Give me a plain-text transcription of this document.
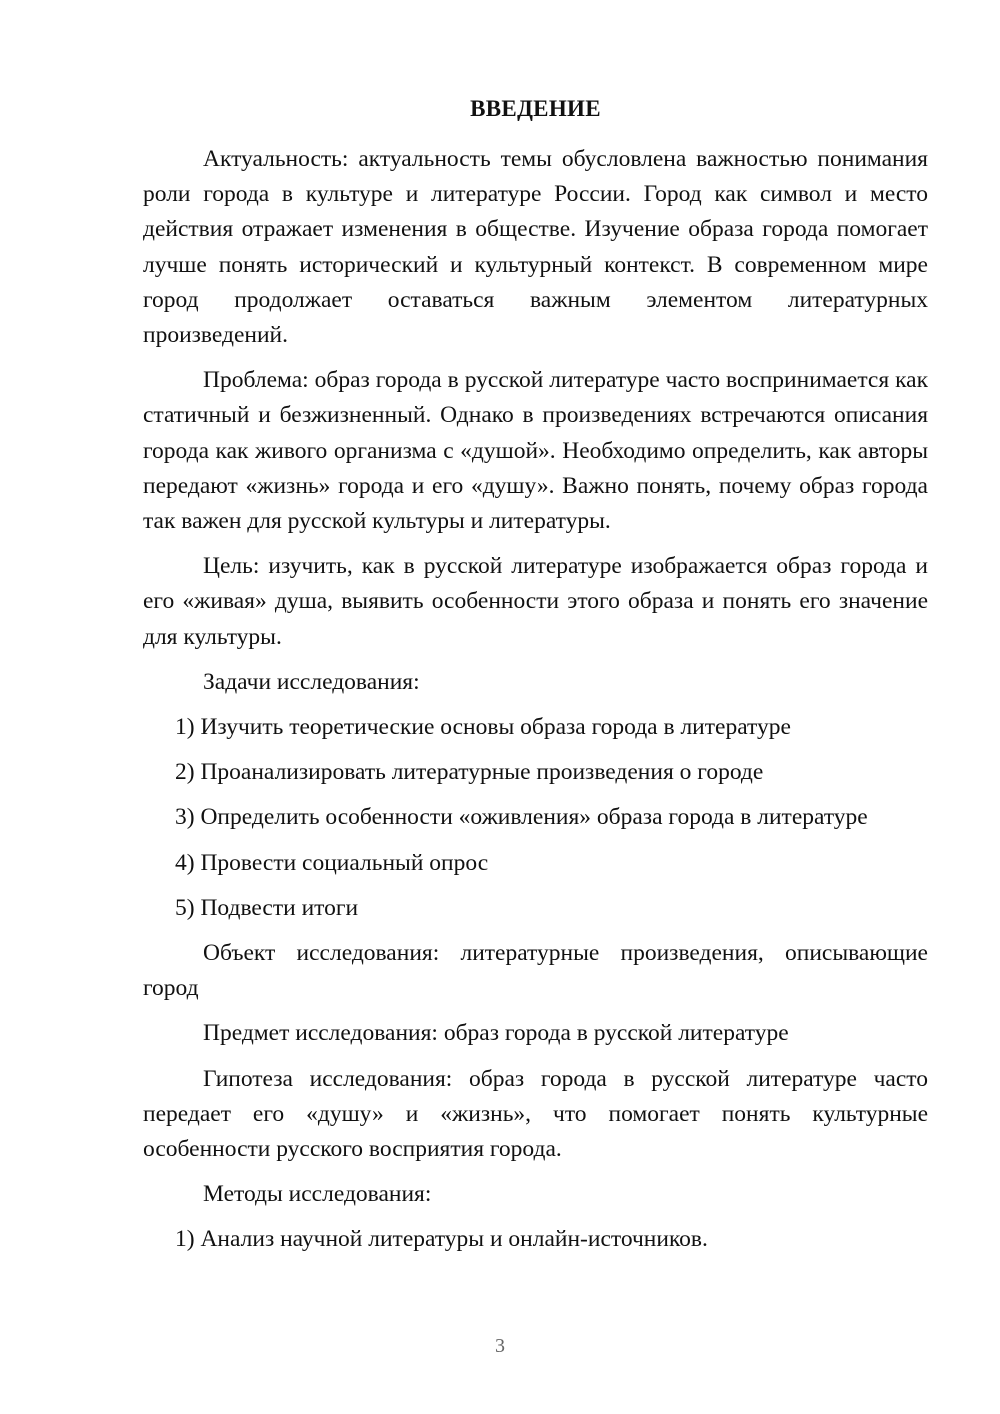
ВВЕДЕНИЕ

Актуальность: актуальность темы обусловлена важностью понимания роли города в культуре и литературе России. Город как символ и место действия отражает изменения в обществе. Изучение образа города помогает лучше понять исторический и культурный контекст. В современном мире город продолжает оставаться важным элементом литературных произведений.

Проблема: образ города в русской литературе часто воспринимается как статичный и безжизненный. Однако в произведениях встречаются описания города как живого организма с «душой». Необходимо определить, как авторы передают «жизнь» города и его «душу». Важно понять, почему образ города так важен для русской культуры и литературы.

Цель: изучить, как в русской литературе изображается образ города и его «живая» душа, выявить особенности этого образа и понять его значение для культуры.

Задачи исследования:

1) Изучить теоретические основы образа города в литературе

2) Проанализировать литературные произведения о городе

3) Определить особенности «оживления» образа города в литературе

4) Провести социальный опрос

5) Подвести итоги

Объект исследования: литературные произведения, описывающие город

Предмет исследования: образ города в русской литературе

Гипотеза исследования: образ города в русской литературе часто передает его «душу» и «жизнь», что помогает понять культурные особенности русского восприятия города.

Методы исследования:

1) Анализ научной литературы и онлайн-источников.

3
